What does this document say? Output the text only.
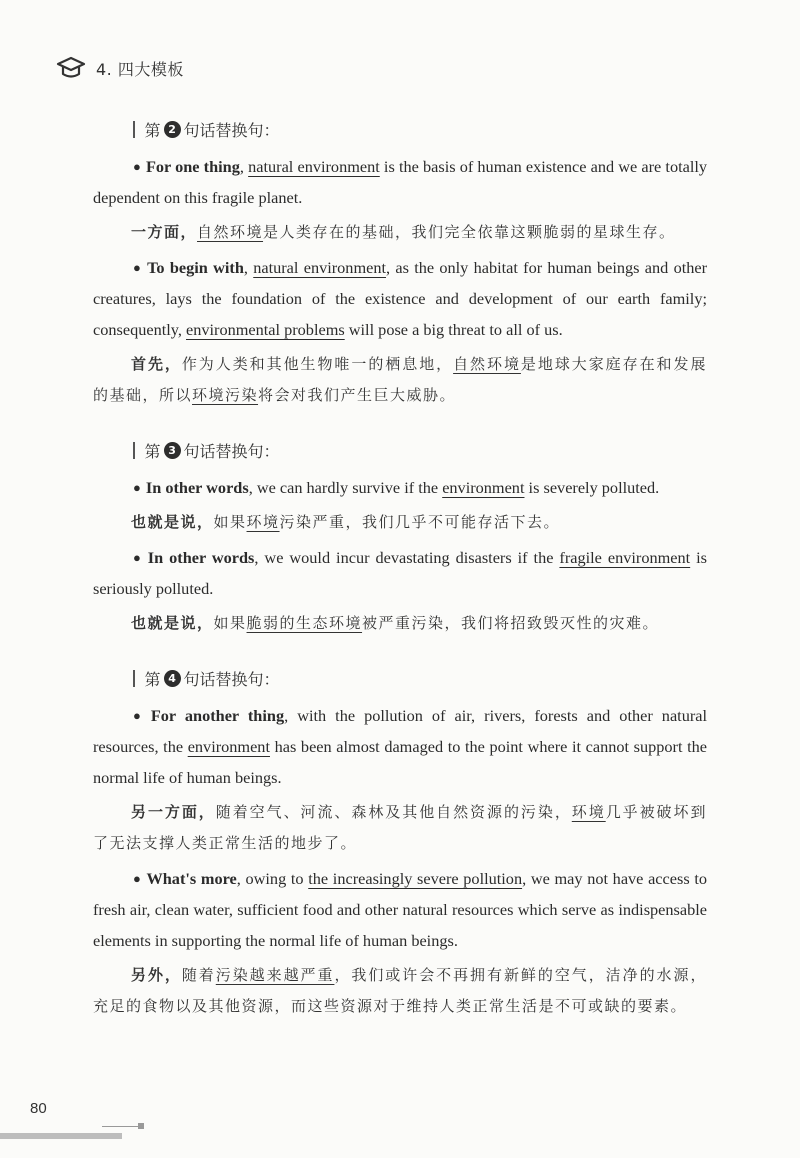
4. 四大模板
第 2 句话替换句：

● For one thing, natural environment is the basis of human existence and we are totally dependent on this fragile planet.

一方面，自然环境是人类存在的基础，我们完全依靠这颗脆弱的星球生存。

● To begin with, natural environment, as the only habitat for human beings and other creatures, lays the foundation of the existence and development of our earth family; consequently, environmental problems will pose a big threat to all of us.

首先，作为人类和其他生物唯一的栖息地，自然环境是地球大家庭存在和发展的基础，所以环境污染将会对我们产生巨大威胁。

第 3 句话替换句：

● In other words, we can hardly survive if the environment is severely polluted.

也就是说，如果环境污染严重，我们几乎不可能存活下去。

● In other words, we would incur devastating disasters if the fragile environment is seriously polluted.

也就是说，如果脆弱的生态环境被严重污染，我们将招致毁灭性的灾难。

第 4 句话替换句：

● For another thing, with the pollution of air, rivers, forests and other natural resources, the environment has been almost damaged to the point where it cannot support the normal life of human beings.

另一方面，随着空气、河流、森林及其他自然资源的污染，环境几乎被破坏到了无法支撑人类正常生活的地步了。

● What's more, owing to the increasingly severe pollution, we may not have access to fresh air, clean water, sufficient food and other natural resources which serve as indispensable elements in supporting the normal life of human beings.

另外，随着污染越来越严重，我们或许会不再拥有新鲜的空气，洁净的水源，充足的食物以及其他资源，而这些资源对于维持人类正常生活是不可或缺的要素。

80
